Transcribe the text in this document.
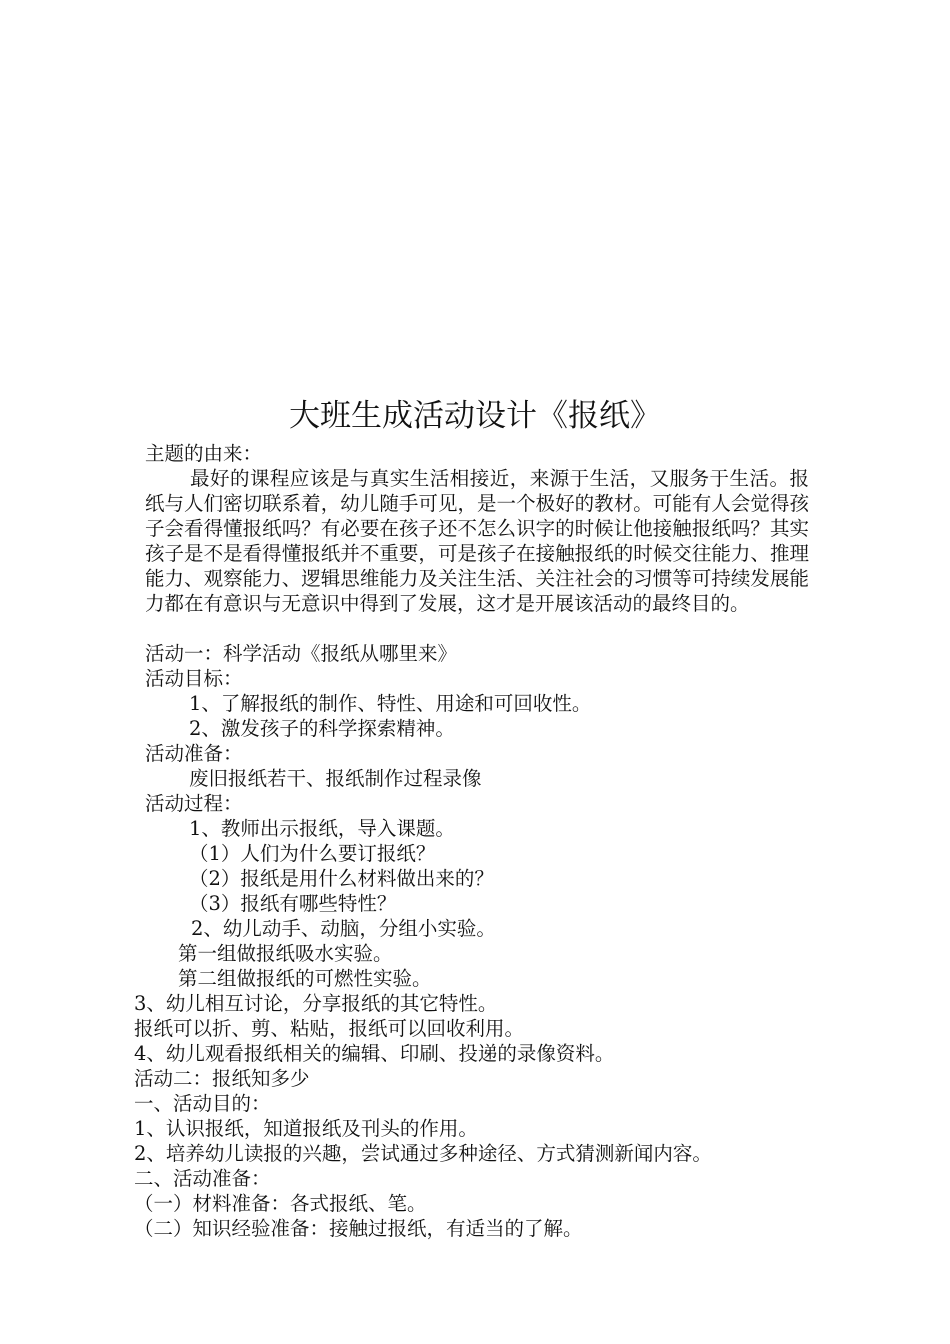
大班生成活动设计《报纸》
主题的由来：
最好的课程应该是与真实生活相接近，来源于生活，又服务于生活。报纸与人们密切联系着，幼儿随手可见，是一个极好的教材。可能有人会觉得孩子会看得懂报纸吗？有必要在孩子还不怎么识字的时候让他接触报纸吗？其实孩子是不是看得懂报纸并不重要，可是孩子在接触报纸的时候交往能力、推理能力、观察能力、逻辑思维能力及关注生活、关注社会的习惯等可持续发展能力都在有意识与无意识中得到了发展，这才是开展该活动的最终目的。
活动一：科学活动《报纸从哪里来》
活动目标：
1、了解报纸的制作、特性、用途和可回收性。
2、激发孩子的科学探索精神。
活动准备：
废旧报纸若干、报纸制作过程录像
活动过程：
1、教师出示报纸，导入课题。
（1）人们为什么要订报纸？
（2）报纸是用什么材料做出来的？
（3）报纸有哪些特性？
2、幼儿动手、动脑，分组小实验。
第一组做报纸吸水实验。
第二组做报纸的可燃性实验。
3、幼儿相互讨论，分享报纸的其它特性。
报纸可以折、剪、粘贴，报纸可以回收利用。
4、幼儿观看报纸相关的编辑、印刷、投递的录像资料。
活动二：报纸知多少
一、活动目的：
1、认识报纸，知道报纸及刊头的作用。
2、培养幼儿读报的兴趣，尝试通过多种途径、方式猜测新闻内容。
二、活动准备：
（一）材料准备：各式报纸、笔。
（二）知识经验准备：接触过报纸，有适当的了解。
